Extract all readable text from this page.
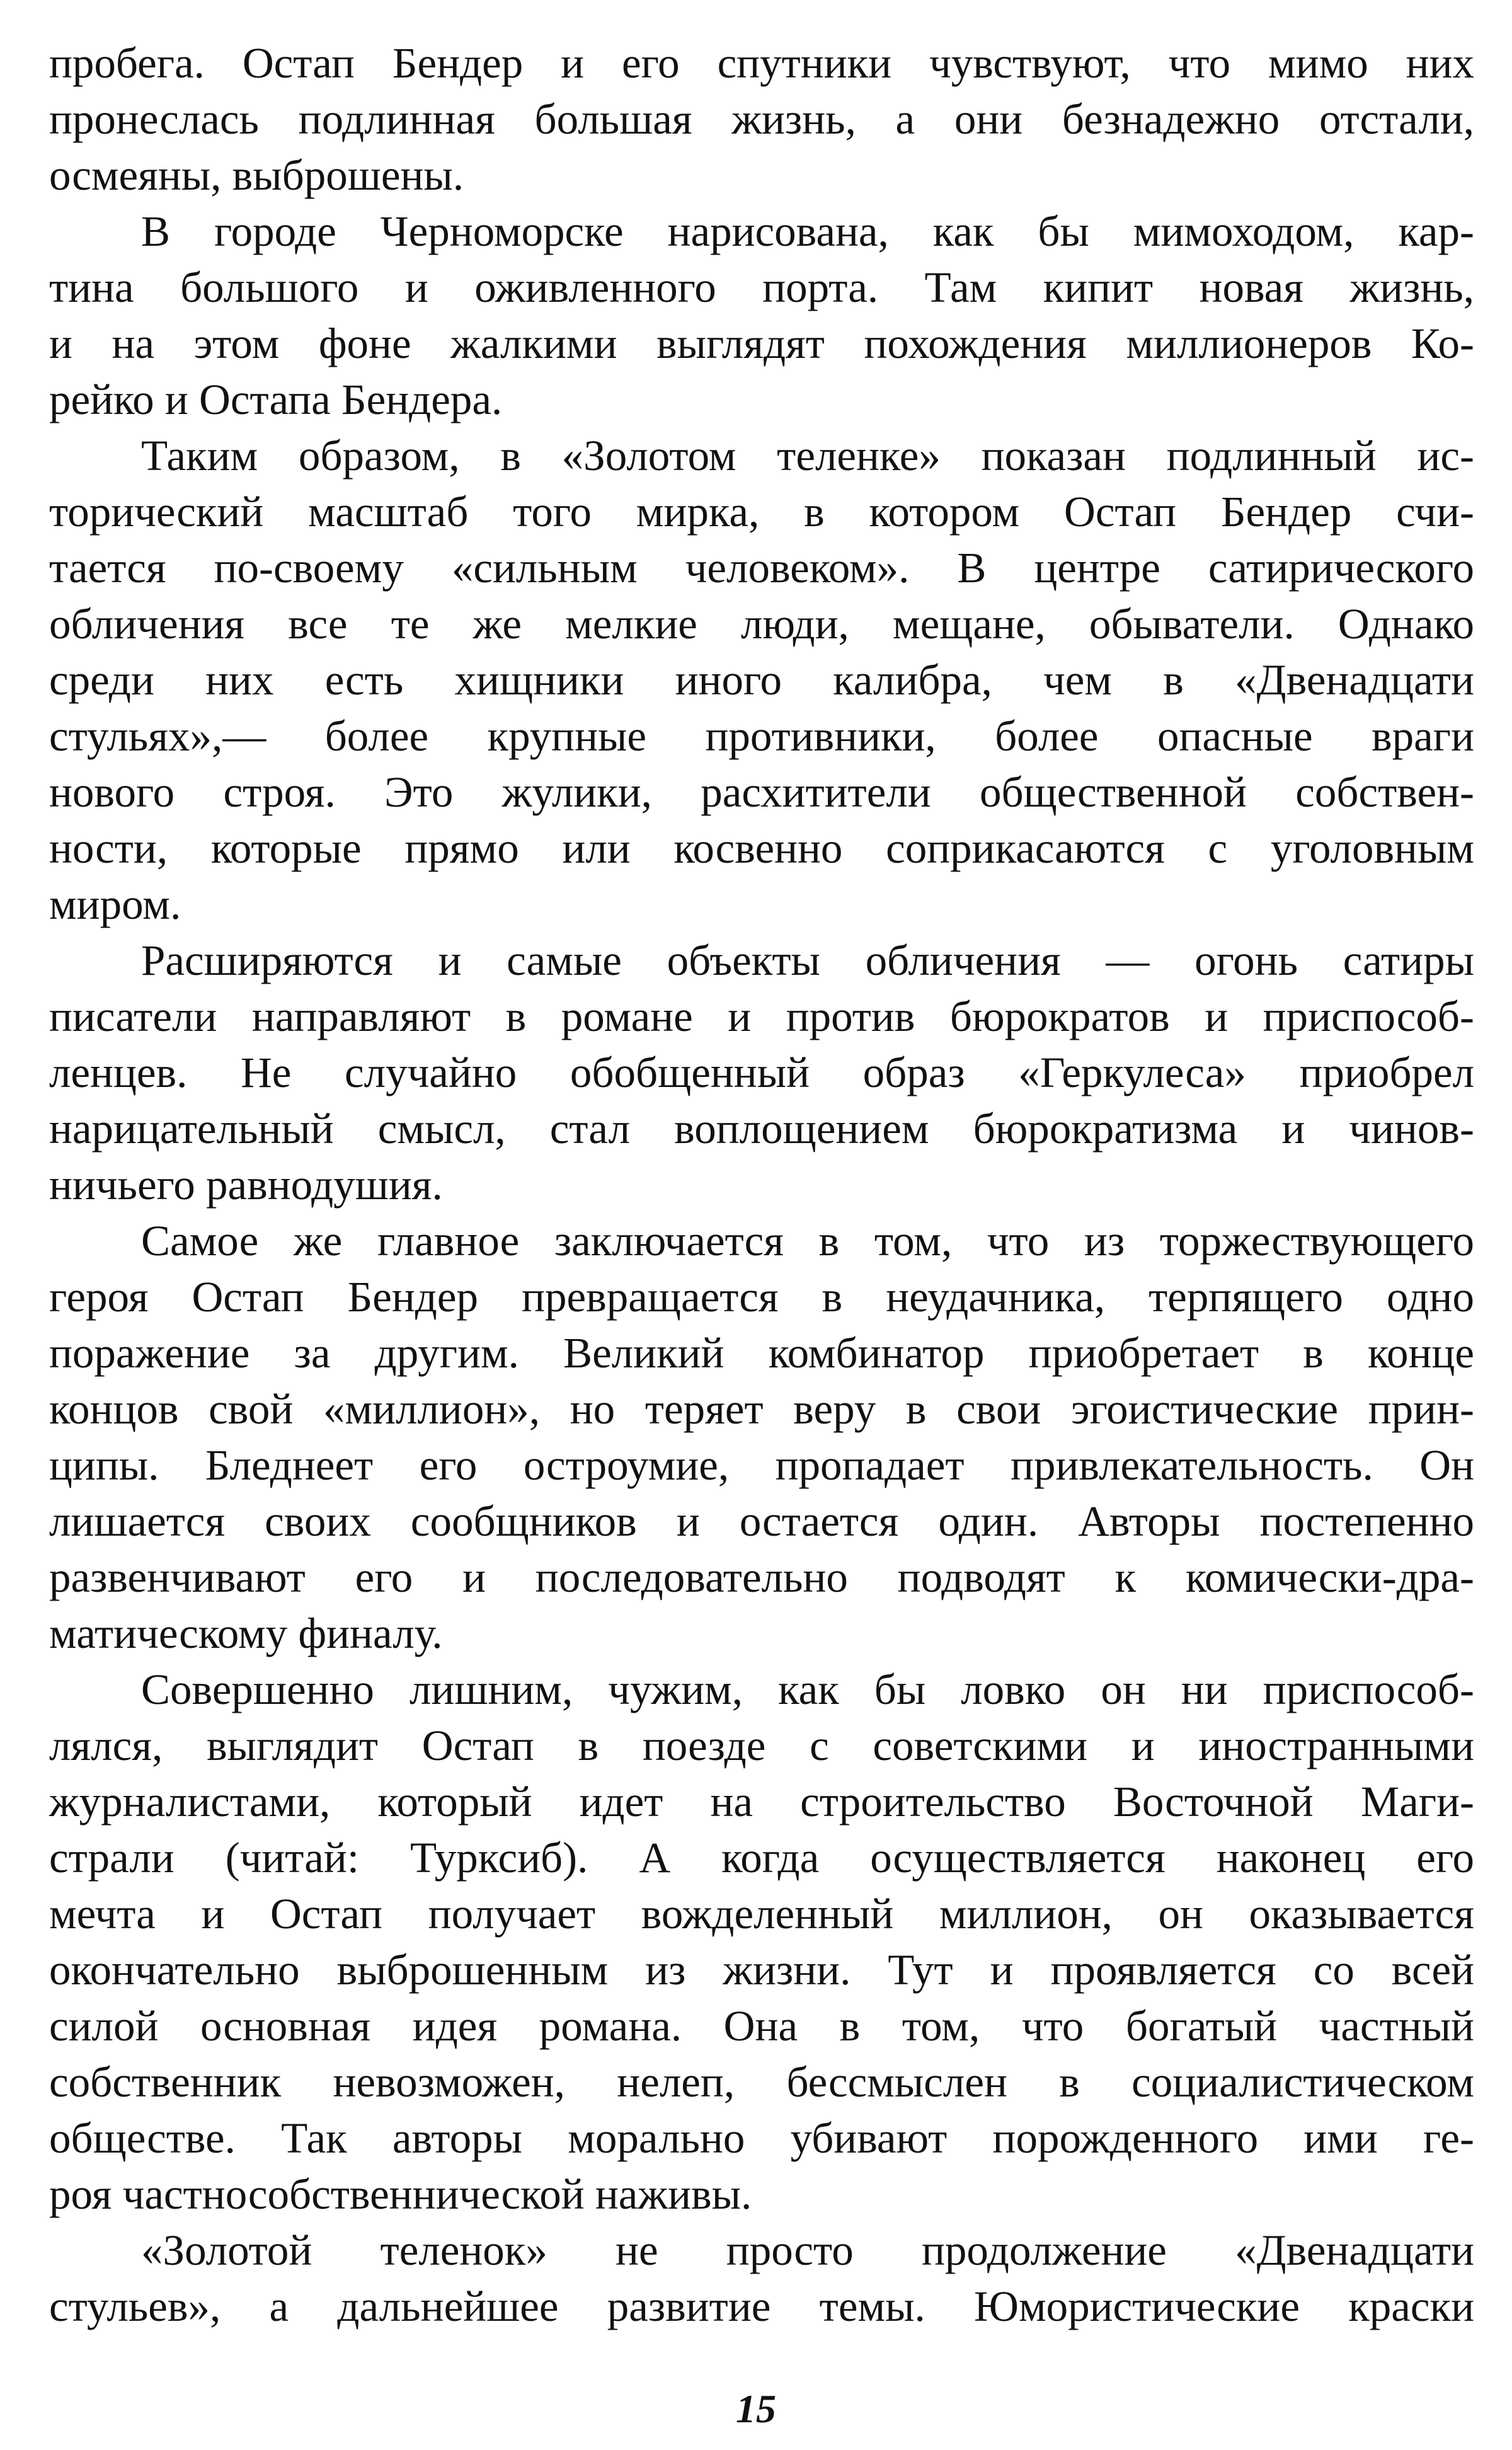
пробега. Остап Бендер и его спутники чувствуют, что мимо них
пронеслась подлинная большая жизнь, а они безнадежно отстали,
осмеяны, выброшены.
В городе Черноморске нарисована, как бы мимоходом, кар-
тина большого и оживленного порта. Там кипит новая жизнь,
и на этом фоне жалкими выглядят похождения миллионеров Ко-
рейко и Остапа Бендера.
Таким образом, в «Золотом теленке» показан подлинный ис-
торический масштаб того мирка, в котором Остап Бендер счи-
тается по-своему «сильным человеком». В центре сатирического
обличения все те же мелкие люди, мещане, обыватели. Однако
среди них есть хищники иного калибра, чем в «Двенадцати
стульях»,— более крупные противники, более опасные враги
нового строя. Это жулики, расхитители общественной собствен-
ности, которые прямо или косвенно соприкасаются с уголовным
миром.
Расширяются и самые объекты обличения — огонь сатиры
писатели направляют в романе и против бюрократов и приспособ-
ленцев. Не случайно обобщенный образ «Геркулеса» приобрел
нарицательный смысл, стал воплощением бюрократизма и чинов-
ничьего равнодушия.
Самое же главное заключается в том, что из торжествующего
героя Остап Бендер превращается в неудачника, терпящего одно
поражение за другим. Великий комбинатор приобретает в конце
концов свой «миллион», но теряет веру в свои эгоистические прин-
ципы. Бледнеет его остроумие, пропадает привлекательность. Он
лишается своих сообщников и остается один. Авторы постепенно
развенчивают его и последовательно подводят к комически-дра-
матическому финалу.
Совершенно лишним, чужим, как бы ловко он ни приспособ-
лялся, выглядит Остап в поезде с советскими и иностранными
журналистами, который идет на строительство Восточной Маги-
страли (читай: Турксиб). А когда осуществляется наконец его
мечта и Остап получает вожделенный миллион, он оказывается
окончательно выброшенным из жизни. Тут и проявляется со всей
силой основная идея романа. Она в том, что богатый частный
собственник невозможен, нелеп, бессмыслен в социалистическом
обществе. Так авторы морально убивают порожденного ими ге-
роя частнособственнической наживы.
«Золотой теленок» не просто продолжение «Двенадцати
стульев», а дальнейшее развитие темы. Юмористические краски
15
